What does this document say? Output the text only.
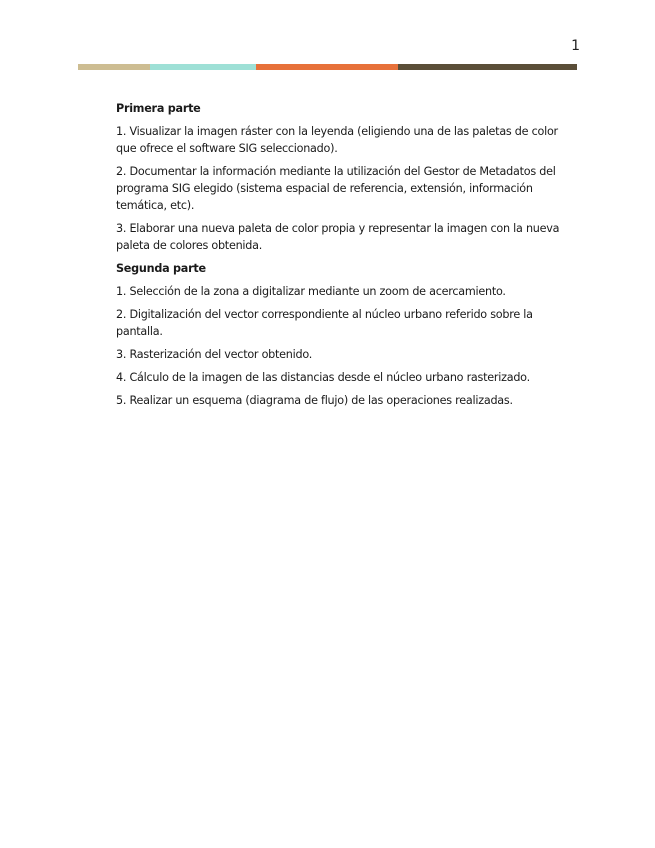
1

Primera parte

1. Visualizar la imagen ráster con la leyenda (eligiendo una de las paletas de color que ofrece el software SIG seleccionado).

2. Documentar la información mediante la utilización del Gestor de Metadatos del programa SIG elegido (sistema espacial de referencia, extensión, información temática, etc).

3. Elaborar una nueva paleta de color propia y representar la imagen con la nueva paleta de colores obtenida.

Segunda parte

1. Selección de la zona a digitalizar mediante un zoom de acercamiento.

2. Digitalización del vector correspondiente al núcleo urbano referido sobre la pantalla.

3. Rasterización del vector obtenido.

4. Cálculo de la imagen de las distancias desde el núcleo urbano rasterizado.

5. Realizar un esquema (diagrama de flujo) de las operaciones realizadas.
